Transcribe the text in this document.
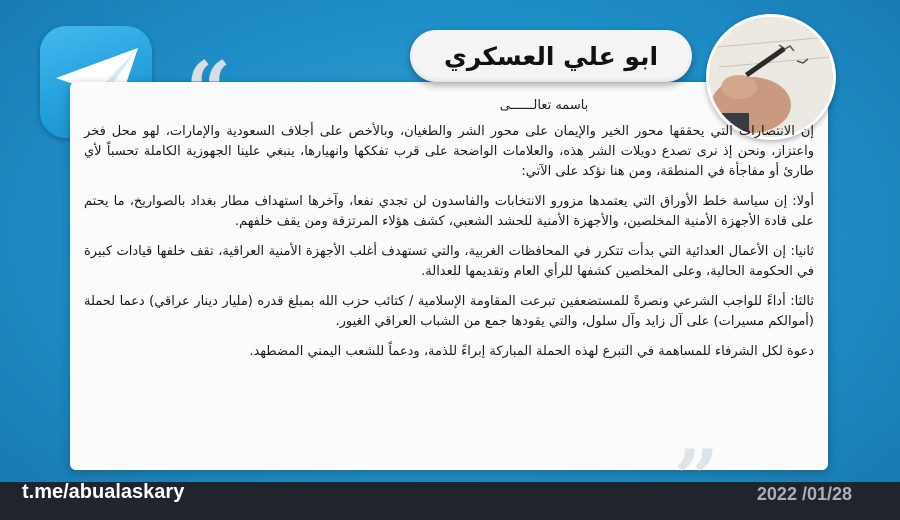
“
”
ابو علي العسكري

باسمه تعالــــــى

إن الانتصارات التي يحققها محور الخير والإيمان على محور الشر والطغيان، وبالأخص على أجلاف السعودية والإمارات، لهو محل فخر واعتزاز، ونحن إذ نرى تصدع دويلات الشر هذه، والعلامات الواضحة على قرب تفككها وانهيارها، ينبغي علينا الجهوزية الكاملة تحسباً لأي طارئ أو مفاجأة في المنطقة، ومن هنا نؤكد على الآتي:

أولا: إن سياسة خلط الأوراق التي يعتمدها مزورو الانتخابات والفاسدون لن تجدي نفعا، وآخرها استهداف مطار بغداد بالصواريخ، ما يحتم على قادة الأجهزة الأمنية المخلصين، والأجهزة الأمنية للحشد الشعبي، كشف هؤلاء المرتزقة ومن يقف خلفهم.

ثانيا: إن الأعمال العدائية التي بدأت تتكرر في المحافظات الغربية، والتي تستهدف أغلب الأجهزة الأمنية العراقية، تقف خلفها قيادات كبيرة في الحكومة الحالية، وعلى المخلصين كشفها للرأي العام وتقديمها للعدالة.

ثالثا: أداءً للواجب الشرعي ونصرةً للمستضعفين تبرعت المقاومة الإسلامية / كتائب حزب الله بمبلغ قدره (مليار دينار عراقي) دعما لحملة (أموالكم مسيرات) على آل زايد وآل سلول، والتي يقودها جمع من الشباب العراقي الغيور.

دعوة لكل الشرفاء للمساهمة في التبرع لهذه الحملة المباركة إبراءً للذمة، ودعماً للشعب اليمني المضطهد.

t.me/abualaskary	2022 /01/28
